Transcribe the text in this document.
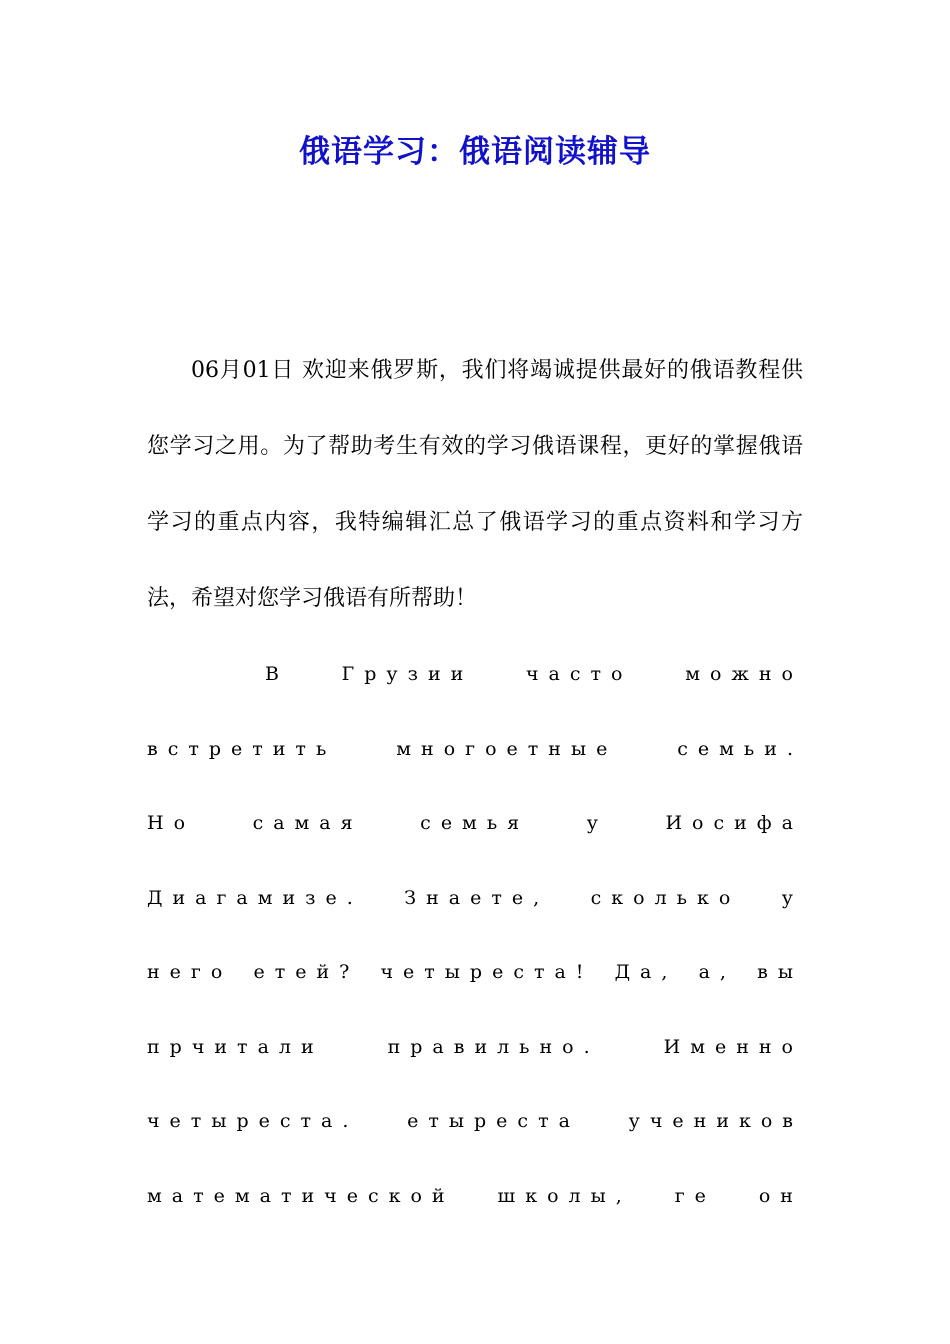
俄语学习：俄语阅读辅导

06月01日 欢迎来俄罗斯，我们将竭诚提供最好的俄语教程供您学习之用。为了帮助考生有效的学习俄语课程，更好的掌握俄语学习的重点内容，我特编辑汇总了俄语学习的重点资料和学习方法，希望对您学习俄语有所帮助！

В	Грузии	часто	можно
встретить	многоетные	семьи.
Но	самая	семья	у	Иосифа
Диагамизе. Знаете, сколько у
него етей? четыреста! Да, а, вы
прчитали	правильно.	Именно
четыреста.	етыреста	учеников
математической школы, ге он
